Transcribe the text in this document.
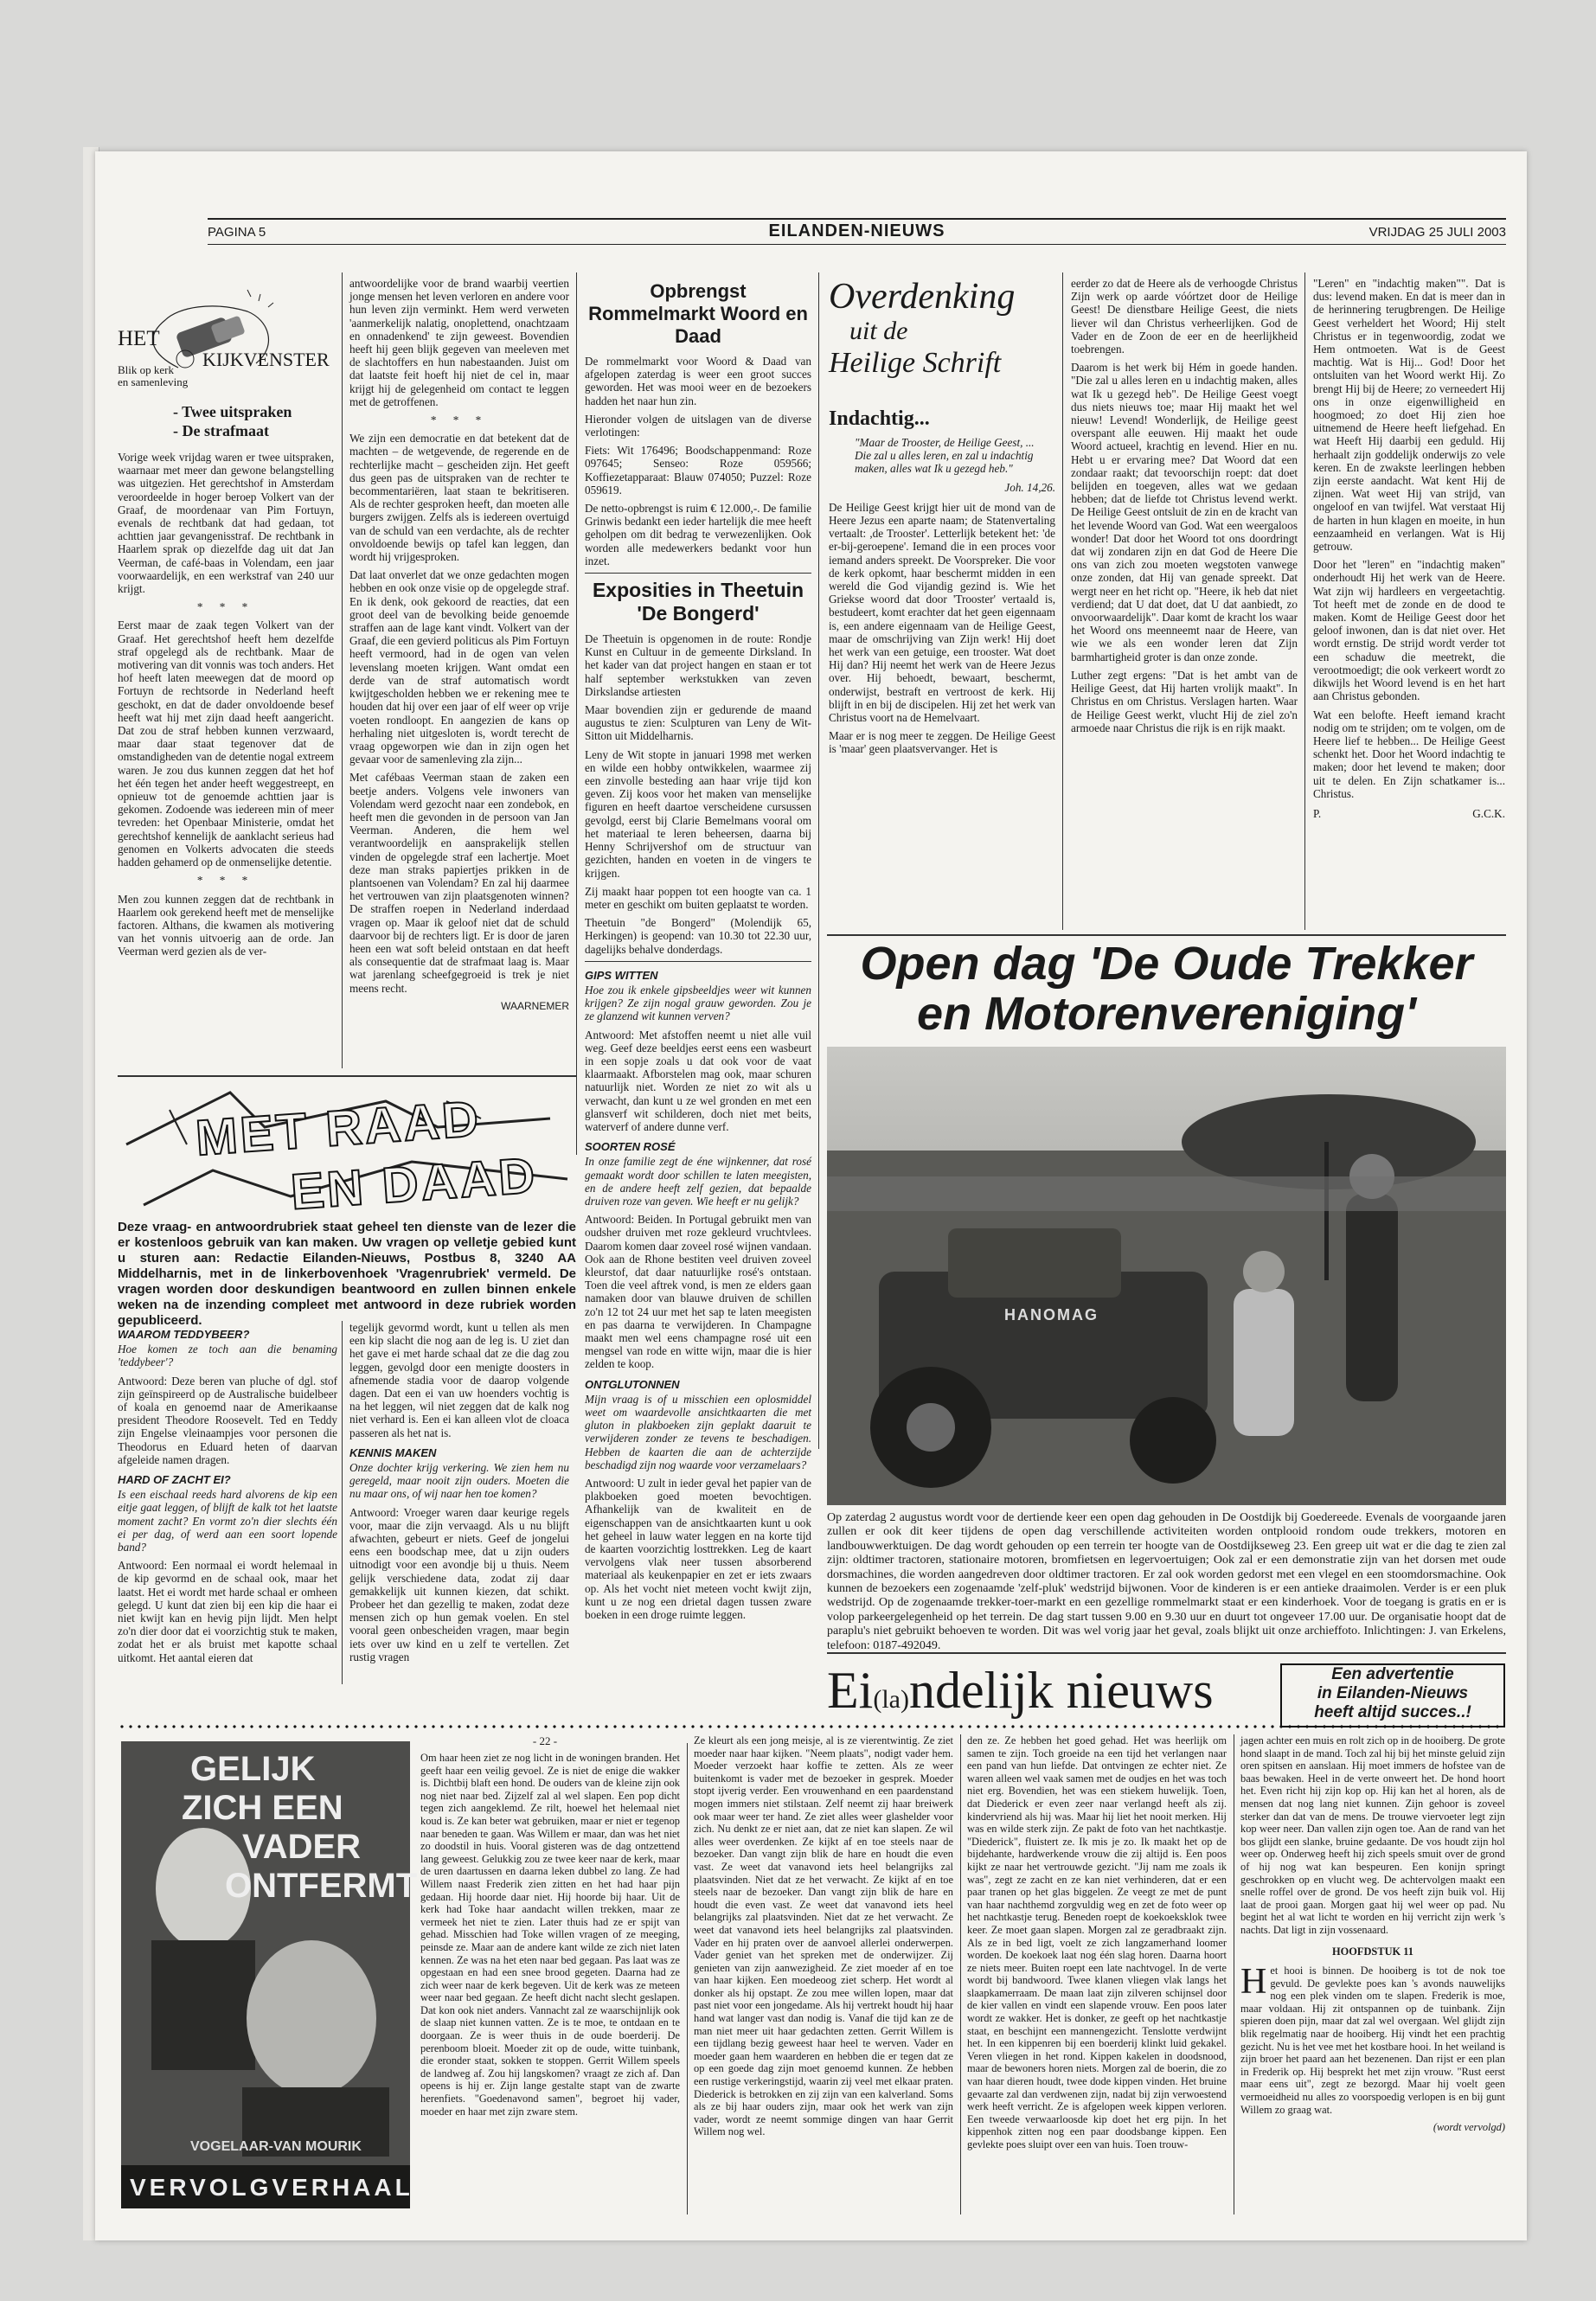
PAGINA 5	EILANDEN-NIEUWS	VRIJDAG 25 JULI 2003
HET
KIJKVENSTER
Blik op kerk
en samenleving
- Twee uitspraken
- De strafmaat

Vorige week vrijdag waren er twee uitspraken, waarnaar met meer dan gewone belangstelling was uitgezien. Het gerechtshof in Amsterdam veroordeelde in hoger beroep Volkert van der Graaf, de moordenaar van Pim Fortuyn, evenals de rechtbank dat had gedaan, tot achttien jaar gevangenisstraf. De rechtbank in Haarlem sprak op diezelfde dag uit dat Jan Veerman, de café-baas in Volendam, een jaar voorwaardelijk, en een werkstraf van 240 uur krijgt.

* * *

Eerst maar de zaak tegen Volkert van der Graaf. Het gerechtshof heeft hem dezelfde straf opgelegd als de rechtbank. Maar de motivering van dit vonnis was toch anders. Het hof heeft laten meewegen dat de moord op Fortuyn de rechtsorde in Nederland heeft geschokt, en dat de dader onvoldoende besef heeft wat hij met zijn daad heeft aangericht. Dat zou de straf hebben kunnen verzwaard, maar daar staat tegenover dat de omstandigheden van de detentie nogal extreem waren. Je zou dus kunnen zeggen dat het hof het één tegen het ander heeft weggestreept, en opnieuw tot de genoemde achttien jaar is gekomen. Zodoende was iedereen min of meer tevreden: het Openbaar Ministerie, omdat het gerechtshof kennelijk de aanklacht serieus had genomen en Volkerts advocaten die steeds hadden gehamerd op de onmenselijke detentie.

* * *

Men zou kunnen zeggen dat de rechtbank in Haarlem ook gerekend heeft met de menselijke factoren. Althans, die kwamen als motivering van het vonnis uitvoerig aan de orde. Jan Veerman werd gezien als de ver-

antwoordelijke voor de brand waarbij veertien jonge mensen het leven verloren en andere voor hun leven zijn verminkt. Hem werd verweten 'aanmerkelijk nalatig, onoplettend, onachtzaam en onnadenkend' te zijn geweest. Bovendien heeft hij geen blijk gegeven van meeleven met de slachtoffers en hun nabestaanden. Juist om dat laatste feit hoeft hij niet de cel in, maar krijgt hij de gelegenheid om contact te leggen met de getroffenen.

* * *

We zijn een democratie en dat betekent dat de machten – de wetgevende, de regerende en de rechterlijke macht – gescheiden zijn. Het geeft dus geen pas de uitspraken van de rechter te becommentariëren, laat staan te bekritiseren. Als de rechter gesproken heeft, dan moeten alle burgers zwijgen. Zelfs als is iedereen overtuigd van de schuld van een verdachte, als de rechter onvoldoende bewijs op tafel kan leggen, dan wordt hij vrijgesproken.

Dat laat onverlet dat we onze gedachten mogen hebben en ook onze visie op de opgelegde straf. En ik denk, ook gekoord de reacties, dat een groot deel van de bevolking beide genoemde straffen aan de lage kant vindt. Volkert van der Graaf, die een gevierd politicus als Pim Fortuyn heeft vermoord, had in de ogen van velen levenslang moeten krijgen. Want omdat een derde van de straf automatisch wordt kwijtgescholden hebben we er rekening mee te houden dat hij over een jaar of elf weer op vrije voeten rondloopt. En aangezien de kans op herhaling niet uitgesloten is, wordt terecht de vraag opgeworpen wie dan in zijn ogen het gevaar voor de samenleving zla zijn...

Met cafébaas Veerman staan de zaken een beetje anders. Volgens vele inwoners van Volendam werd gezocht naar een zondebok, en heeft men die gevonden in de persoon van Jan Veerman. Anderen, die hem wel verantwoordelijk en aansprakelijk stellen vinden de opgelegde straf een lachertje. Moet deze man straks papiertjes prikken in de plantsoenen van Volendam? En zal hij daarmee het vertrouwen van zijn plaatsgenoten winnen? De straffen roepen in Nederland inderdaad vragen op. Maar ik geloof niet dat de schuld daarvoor bij de rechters ligt. Er is door de jaren heen een wat soft beleid ontstaan en dat heeft als consequentie dat de strafmaat laag is. Maar wat jarenlang scheefgegroeid is trek je niet meens recht.

WAARNEMER
Opbrengst Rommelmarkt Woord en Daad

De rommelmarkt voor Woord & Daad van afgelopen zaterdag is weer een groot succes geworden. Het was mooi weer en de bezoekers hadden het naar hun zin.

Hieronder volgen de uitslagen van de diverse verlotingen:

Fiets: Wit 176496; Boodschappenmand: Roze 097645; Senseo: Roze 059566; Koffiezetapparaat: Blauw 074050; Puzzel: Roze 059619.

De netto-opbrengst is ruim € 12.000,-. De familie Grinwis bedankt een ieder hartelijk die mee heeft geholpen om dit bedrag te verwezenlijken. Ook worden alle medewerkers bedankt voor hun inzet.

Exposities in Theetuin 'De Bongerd'

De Theetuin is opgenomen in de route: Rondje Kunst en Cultuur in de gemeente Dirksland. In het kader van dat project hangen en staan er tot half september werkstukken van zeven Dirkslandse artiesten

Maar bovendien zijn er gedurende de maand augustus te zien: Sculpturen van Leny de Wit-Sitton uit Middelharnis.

Leny de Wit stopte in januari 1998 met werken en wilde een hobby ontwikkelen, waarmee zij een zinvolle besteding aan haar vrije tijd kon geven. Zij koos voor het maken van menselijke figuren en heeft daartoe verscheidene cursussen gevolgd, eerst bij Clarie Bemelmans vooral om het materiaal te leren beheersen, daarna bij Henny Schrijvershof om de structuur van gezichten, handen en voeten in de vingers te krijgen.

Zij maakt haar poppen tot een hoogte van ca. 1 meter en geschikt om buiten geplaatst te worden.

Theetuin "de Bongerd" (Molendijk 65, Herkingen) is geopend: van 10.30 tot 22.30 uur, dagelijks behalve donderdags.

GIPS WITTEN

Hoe zou ik enkele gipsbeeldjes weer wit kunnen krijgen? Ze zijn nogal grauw geworden. Zou je ze glanzend wit kunnen verven?

Antwoord: Met afstoffen neemt u niet alle vuil weg. Geef deze beeldjes eerst eens een wasbeurt in een sopje zoals u dat ook voor de vaat klaarmaakt. Afborstelen mag ook, maar schuren natuurlijk niet. Worden ze niet zo wit als u verwacht, dan kunt u ze wel gronden en met een glansverf wit schilderen, doch niet met beits, waterverf of andere dunne verf.

SOORTEN ROSÉ

In onze familie zegt de éne wijnkenner, dat rosé gemaakt wordt door schillen te laten meegisten, en de andere heeft zelf gezien, dat bepaalde druiven roze van geven. Wie heeft er nu gelijk?

Antwoord: Beiden. In Portugal gebruikt men van oudsher druiven met roze gekleurd vruchtvlees. Daarom komen daar zoveel rosé wijnen vandaan. Ook aan de Rhone bestiten veel druiven zoveel kleurstof, dat daar natuurlijke rosé's ontstaan. Toen die veel aftrek vond, is men ze elders gaan namaken door van blauwe druiven de schillen zo'n 12 tot 24 uur met het sap te laten meegisten en pas daarna te verwijderen. In Champagne maakt men wel eens champagne rosé uit een mengsel van rode en witte wijn, maar die is hier zelden te koop.

ONTGLUTONNEN

Mijn vraag is of u misschien een oplosmiddel weet om waardevolle ansichtkaarten die met gluton in plakboeken zijn geplakt daaruit te verwijderen zonder ze tevens te beschadigen. Hebben de kaarten die aan de achterzijde beschadigd zijn nog waarde voor verzamelaars?

Antwoord: U zult in ieder geval het papier van de plakboeken goed moeten bevochtigen. Afhankelijk van de kwaliteit en de eigenschappen van de ansichtkaarten kunt u ook het geheel in lauw water leggen en na korte tijd de kaarten voorzichtig losttrekken. Leg de kaart vervolgens vlak neer tussen absorberend materiaal als keukenpapier en zet er iets zwaars op. Als het vocht niet meteen vocht kwijt zijn, kunt u ze nog een drietal dagen tussen zware boeken in een droge ruimte leggen.

Overdenking
uit de
Heilige Schrift
Indachtig...

"Maar de Trooster, de Heilige Geest, ... Die zal u alles leren, en zal u indachtig maken, alles wat Ik u gezegd heb."

Joh. 14,26.

De Heilige Geest krijgt hier uit de mond van de Heere Jezus een aparte naam; de Statenvertaling vertaalt: ,de Trooster'. Letterlijk betekent het: 'de er-bij-geroepene'. Iemand die in een proces voor iemand anders spreekt. De Voorspreker. Die voor de kerk opkomt, haar beschermt midden in een wereld die God vijandig gezind is. Wie het Griekse woord dat door 'Trooster' vertaald is, bestudeert, komt erachter dat het geen eigennaam is, een andere eigennaam van de Heilige Geest, maar de omschrijving van Zijn werk! Hij doet het werk van een getuige, een trooster. Wat doet Hij dan? Hij neemt het werk van de Heere Jezus over. Hij behoedt, bewaart, beschermt, onderwijst, bestraft en vertroost de kerk. Hij blijft in en bij de discipelen. Hij zet het werk van Christus voort na de Hemelvaart.

Maar er is nog meer te zeggen. De Heilige Geest is 'maar' geen plaatsvervanger. Het is

eerder zo dat de Heere als de verhoogde Christus Zijn werk op aarde vóórtzet door de Heilige Geest! De dienstbare Heilige Geest, die niets liever wil dan Christus verheerlijken. God de Vader en de Zoon de eer en de heerlijkheid toebrengen.

Daarom is het werk bij Hém in goede handen. "Die zal u alles leren en u indachtig maken, alles wat Ik u gezegd heb". De Heilige Geest voegt dus niets nieuws toe; maar Hij maakt het wel nieuw! Levend! Wonderlijk, de Heilige geest overspant alle eeuwen. Hij maakt het oude Woord actueel, krachtig en levend. Hier en nu. Hebt u er ervaring mee? Dat Woord dat een zondaar raakt; dat tevoorschijn roept: dat doet belijden en toegeven, alles wat we gedaan hebben; dat de liefde tot Christus levend werkt. De Heilige Geest ontsluit de zin en de kracht van het levende Woord van God. Wat een weergaloos wonder! Dat door het Woord tot ons doordringt dat wij zondaren zijn en dat God de Heere Die ons van zich zou moeten wegstoten vanwege onze zonden, dat Hij van genade spreekt. Dat wergt neer en het richt op. "Heere, ik heb dat niet verdiend; dat U dat doet, dat U dat aanbiedt, zo onvoorwaardelijk". Daar komt de kracht los waar het Woord ons meenneemt naar de Heere, van wie we als een wonder leren dat Zijn barmhartigheid groter is dan onze zonde.

Luther zegt ergens: "Dat is het ambt van de Heilige Geest, dat Hij harten vrolijk maakt". In Christus en om Christus. Verslagen harten. Waar de Heilige Geest werkt, vlucht Hij de ziel zo'n armoede naar Christus die rijk is en rijk maakt.

"Leren" en "indachtig maken"". Dat is dus: levend maken. En dat is meer dan in de herinnering terugbrengen. De Heilige Geest verheldert het Woord; Hij stelt Christus er in tegenwoordig, zodat we Hem ontmoeten. Wat is de Geest machtig. Wat is Hij... God! Door het ontsluiten van het Woord werkt Hij. Zo brengt Hij bij de Heere; zo verneedert Hij ons in onze eigenwilligheid en hoogmoed; zo doet Hij zien hoe uitnemend de Heere heeft liefgehad. En wat Heeft Hij daarbij een geduld. Hij herhaalt zijn goddelijk onderwijs zo vele keren. En de zwakste leerlingen hebben zijn eerste aandacht. Wat kent Hij de zijnen. Wat weet Hij van strijd, van ongeloof en van twijfel. Wat verstaat Hij de harten in hun klagen en moeite, in hun eenzaamheid en verlangen. Wat is Hij getrouw.

Door het "leren" en "indachtig maken" onderhoudt Hij het werk van de Heere. Wat zijn wij hardleers en vergeetachtig. Tot heeft met de zonde en de dood te maken. Komt de Heilige Geest door het geloof inwonen, dan is dat niet over. Het wordt ernstig. De strijd wordt verder tot een schaduw die meetrekt, die verootmoedigt; die ook verkeert wordt zo dikwijls het Woord levend is en het hart aan Christus gebonden.

Wat een belofte. Heeft iemand kracht nodig om te strijden; om te volgen, om de Heere lief te hebben... De Heilige Geest schenkt het. Door het Woord indachtig te maken; door het levend te maken; door uit te delen. En Zijn schatkamer is... Christus.

P.	G.C.K.
Open dag 'De Oude Trekker
en Motorenvereniging'
HANOMAG
Op zaterdag 2 augustus wordt voor de dertiende keer een open dag gehouden in De Oostdijk bij Goedereede. Evenals de voorgaande jaren zullen er ook dit keer tijdens de open dag verschillende activiteiten worden ontplooid rondom oude trekkers, motoren en landbouwwerktuigen. De dag wordt gehouden op een terrein ter hoogte van de Oostdijkseweg 23. Een greep uit wat er die dag te zien zal zijn: oldtimer tractoren, stationaire motoren, bromfietsen en legervoertuigen; Ook zal er een demonstratie zijn van het dorsen met oude dorsmachines, die worden aangedreven door oldtimer tractoren. Er zal ook worden gedorst met een vlegel en een stoomdorsmachine. Ook kunnen de bezoekers een zogenaamde 'zelf-pluk' wedstrijd bijwonen. Voor de kinderen is er een antieke draaimolen. Verder is er een pluk wedstrijd. Op de zogenaamde trekker-toer-markt en een gezellige rommelmarkt staat er een kinderhoek. Voor de toegang is gratis en er is volop parkeergelegenheid op het terrein. De dag start tussen 9.00 en 9.30 uur en duurt tot ongeveer 17.00 uur. De organisatie hoopt dat de paraplu's niet gebruikt behoeven te worden. Dit was wel vorig jaar het geval, zoals blijkt uit onze archieffoto. Inlichtingen: J. van Erkelens, telefoon: 0187-492049.
Ei(la)ndelijk nieuws	Een advertentie
in Eilanden-Nieuws
heeft altijd succes..!
MET RAAD
EN DAAD
Deze vraag- en antwoordrubriek staat geheel ten dienste van de lezer die er kostenloos gebruik van kan maken. Uw vragen op velletje gebied kunt u sturen aan: Redactie Eilanden-Nieuws, Postbus 8, 3240 AA Middelharnis, met in de linkerbovenhoek 'Vragenrubriek' vermeld. De vragen worden door deskundigen beantwoord en zullen binnen enkele weken na de inzending compleet met antwoord in deze rubriek worden gepubliceerd.
WAAROM TEDDYBEER?

Hoe komen ze toch aan die benaming 'teddybeer'?

Antwoord: Deze beren van pluche of dgl. stof zijn geïnspireerd op de Australische buidelbeer of koala en genoemd naar de Amerikaanse president Theodore Roosevelt. Ted en Teddy zijn Engelse vleinaampjes voor personen die Theodorus en Eduard heten of daarvan afgeleide namen dragen.

HARD OF ZACHT EI?

Is een eischaal reeds hard alvorens de kip een eitje gaat leggen, of blijft de kalk tot het laatste moment zacht? En vormt zo'n dier slechts één ei per dag, of werd aan een soort lopende band?

Antwoord: Een normaal ei wordt helemaal in de kip gevormd en de schaal ook, maar het laatst. Het ei wordt met harde schaal er omheen gelegd. U kunt dat zien bij een kip die haar ei niet kwijt kan en hevig pijn lijdt. Men helpt zo'n dier door dat ei voorzichtig stuk te maken, zodat het er als bruist met kapotte schaal uitkomt. Het aantal eieren dat

tegelijk gevormd wordt, kunt u tellen als men een kip slacht die nog aan de leg is. U ziet dan het gave ei met harde schaal dat ze die dag zou leggen, gevolgd door een menigte doosters in afnemende stadia voor de daarop volgende dagen. Dat een ei van uw hoenders vochtig is na het leggen, wil niet zeggen dat de kalk nog niet verhard is. Een ei kan alleen vlot de cloaca passeren als het nat is.

KENNIS MAKEN

Onze dochter krijg verkering. We zien hem nu geregeld, maar nooit zijn ouders. Moeten die nu maar ons, of wij naar hen toe komen?

Antwoord: Vroeger waren daar keurige regels voor, maar die zijn vervaagd. Als u nu blijft afwachten, gebeurt er niets. Geef de jongelui eens een boodschap mee, dat u zijn ouders uitnodigt voor een avondje bij u thuis. Neem gelijk verschiedene data, zodat zij daar gemakkelijk uit kunnen kiezen, dat schikt. Probeer het dan gezellig te maken, zodat deze mensen zich op hun gemak voelen. En stel vooral geen onbescheiden vragen, maar begin iets over uw kind en u zelf te vertellen. Zet rustig vragen

GELIJK
ZICH EEN
VADER
ONTFERMT
VOGELAAR-VAN MOURIK
VERVOLGVERHAAL
- 22 -
Om haar heen ziet ze nog licht in de woningen branden. Het geeft haar een veilig gevoel. Ze is niet de enige die wakker is. Dichtbij blaft een hond. De ouders van de kleine zijn ook nog niet naar bed. Zijzelf zal al wel slapen. Een pop dicht tegen zich aangeklemd. Ze rilt, hoewel het helemaal niet koud is. Ze kan beter wat gebruiken, maar er niet er tegenop naar beneden te gaan. Was Willem er maar, dan was het niet zo doodstil in huis. Vooral gisteren was de dag ontzettend lang geweest. Gelukkig zou ze twee keer naar de kerk, maar de uren daartussen en daarna leken dubbel zo lang. Ze had Willem naast Frederik zien zitten en het had haar pijn gedaan. Hij hoorde daar niet. Hij hoorde bij haar. Uit de kerk had Toke haar aandacht willen trekken, maar ze vermeek het niet te zien. Later thuis had ze er spijt van gehad. Misschien had Toke willen vragen of ze meeging, peinsde ze. Maar aan de andere kant wilde ze zich niet laten kennen. Ze was na het eten naar bed gegaan. Pas laat was ze opgestaan en had een snee brood gegeten. Daarna had ze zich weer naar de kerk begeven. Uit de kerk was ze meteen weer naar bed gegaan. Ze heeft dicht nacht slecht geslapen. Dat kon ook niet anders. Vannacht zal ze waarschijnlijk ook de slaap niet kunnen vatten. Ze is te moe, te ontdaan en te doorgaan. Ze is weer thuis in de oude boerderij. De perenboom bloeit. Moeder zit op de oude, witte tuinbank, die eronder staat, sokken te stoppen. Gerrit Willem speels de landweg af. Zou hij langskomen? vraagt ze zich af. Dan opeens is hij er. Zijn lange gestalte stapt van de zwarte herenfiets. "Goedenavond samen", begroet hij vader, moeder en haar met zijn zware stem.
Ze kleurt als een jong meisje, al is ze vierentwintig. Ze ziet moeder naar haar kijken. "Neem plaats", nodigt vader hem. Moeder verzoekt haar koffie te zetten. Als ze weer buitenkomt is vader met de bezoeker in gesprek. Moeder stopt ijverig verder. Een vrouwenhand en een paardenstand mogen immers niet stilstaan. Zelf neemt zij haar breiwerk ook maar weer ter hand. Ze ziet alles weer glashelder voor zich. Nu denkt ze er niet aan, dat ze niet kan slapen. Ze wil alles weer overdenken. Ze kijkt af en toe steels naar de bezoeker. Dan vangt zijn blik de hare en houdt die even vast. Ze weet dat vanavond iets heel belangrijks zal plaatsvinden. Niet dat ze het verwacht. Ze kijkt af en toe steels naar de bezoeker. Dan vangt zijn blik de hare en houdt die even vast. Ze weet dat vanavond iets heel belangrijks zal plaatsvinden. Niet dat ze het verwacht. Ze weet dat vanavond iets heel belangrijks zal plaatsvinden. Vader en hij praten over de aanvoel allerlei onderwerpen. Vader geniet van het spreken met de onderwijzer. Zij genieten van zijn aanwezigheid. Ze ziet moeder af en toe van haar kijken. Een moedeoog ziet scherp. Het wordt al donker als hij opstapt. Ze zou mee willen lopen, maar dat past niet voor een jongedame. Als hij vertrekt houdt hij haar hand wat langer vast dan nodig is. Vanaf die tijd kan ze de man niet meer uit haar gedachten zetten. Gerrit Willem is een tijdlang bezig geweest haar heel te werven. Vader en moeder gaan hem waarderen en hebben die er tegen dat ze op een goede dag zijn moet genoemd kunnen. Ze hebben een rustige verkeringstijd, waarin zij veel met elkaar praten. Diederick is betrokken en zij zijn van een kalverland. Soms als ze bij haar ouders zijn, maar ook het werk van zijn vader, wordt ze neemt sommige dingen van haar Gerrit Willem nog wel.
den ze. Ze hebben het goed gehad. Het was heerlijk om samen te zijn. Toch groeide na een tijd het verlangen naar een pand van hun liefde. Dat ontvingen ze echter niet. Ze waren alleen wel vaak samen met de oudjes en het was toch niet erg. Bovendien, het was een stiekem huwelijk. Toen, dat Diederick er even zeer naar verlangd heeft als zij. kindervriend als hij was. Maar hij liet het nooit merken. Hij was en wilde sterk zijn. Ze pakt de foto van het nachtkastje. "Diederick", fluistert ze. Ik mis je zo. Ik maakt het op de bijdehante, hardwerkende vrouw die zij altijd is. Een poos kijkt ze naar het vertrouwde gezicht. "Jij nam me zoals ik was", zegt ze zacht en ze kan niet verhinderen, dat er een paar tranen op het glas biggelen. Ze veegt ze met de punt van haar nachthemd zorgvuldig weg en zet de foto weer op het nachtkastje terug. Beneden roept de koekoeksklok twee keer. Ze moet gaan slapen. Morgen zal ze geradbraakt zijn. Als ze in bed ligt, voelt ze zich langzamerhand loomer worden. De koekoek laat nog één slag horen. Daarna hoort ze niets meer. Buiten roept een late nachtvogel. In de verte wordt bij bandwoord. Twee klanen vliegen vlak langs het slaapkamerraam. De maan laat zijn zilveren schijnsel door de kier vallen en vindt een slapende vrouw. Een poos later wordt ze wakker. Het is donker, ze geeft op het nachtkastje staat, en beschijnt een mannengezicht. Tenslotte verdwijnt het. In een kippenren bij een boerderij klinkt luid gekakel. Veren vliegen in het rond. Kippen kakelen in doodsnood, maar de bewoners horen niets. Morgen zal de boerin, die zo van haar dieren houdt, twee dode kippen vinden. Het bruine gevaarte zal dan verdwenen zijn, nadat bij zijn verwoestend werk heeft verricht. Ze is afgelopen week kippen verloren. Een tweede verwaarloosde kip doet het erg pijn. In het kippenhok zitten nog een paar doodsbange kippen. Een gevlekte poes sluipt over een van huis. Toen trouw-

jagen achter een muis en rolt zich op in de hooiberg. De grote hond slaapt in de mand. Toch zal hij bij het minste geluid zijn oren spitsen en aanslaan. Hij moet immers de hofstee van de baas bewaken. Heel in de verte onweert het. De hond hoort het. Even richt hij zijn kop op. Hij kan het al horen, als de mensen dat nog lang niet kunnen. Zijn gehoor is zoveel sterker dan dat van de mens. De trouwe viervoeter legt zijn kop weer neer. Dan vallen zijn ogen toe. Aan de rand van het bos glijdt een slanke, bruine gedaante. De vos houdt zijn hol weer op. Onderweg heeft hij zich speels smuit over de grond of hij nog wat kan bespeuren. Een konijn springt geschrokken op en vlucht weg. De achtervolgen maakt een snelle roffel over de grond. De vos heeft zijn buik vol. Hij laat de prooi gaan. Morgen gaat hij wel weer op pad. Nu begint het al wat licht te worden en hij verricht zijn werk 's nachts. Dat ligt in zijn vossenaard.

HOOFDSTUK 11

Het hooi is binnen. De hooiberg is tot de nok toe gevuld. De gevlekte poes kan 's avonds nauwelijks nog een plek vinden om te slapen. Frederik is moe, maar voldaan. Hij zit ontspannen op de tuinbank. Zijn spieren doen pijn, maar dat zal wel overgaan. Wel glijdt zijn blik regelmatig naar de hooiberg. Hij vindt het een prachtig gezicht. Nu is het vee met het kostbare hooi. In het weiland is zijn broer het paard aan het bezenenen. Dan rijst er een plan in Frederik op. Hij besprekt het met zijn vrouw. "Rust eerst maar eens uit", zegt ze bezorgd. Maar hij voelt geen vermoeidheid nu alles zo voorspoedig verlopen is en bij gunt Willem zo graag wat.

(wordt vervolgd)
